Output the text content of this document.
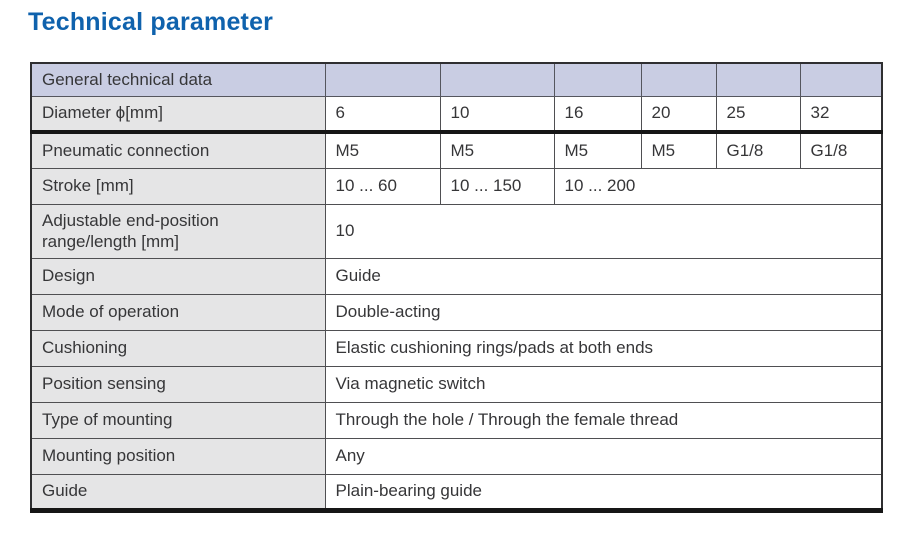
Technical parameter
General technical data						
Diameter ϕ[mm]	6	10	16	20	25	32
Pneumatic connection	M5	M5	M5	M5	G1/8	G1/8
Stroke [mm]	10 ... 60	10 ... 150	10 ... 200			
Adjustable end-position range/length [mm]	10					
Design	Guide					
Mode of operation	Double-acting					
Cushioning	Elastic cushioning rings/pads at both ends					
Position sensing	Via magnetic switch					
Type of mounting	Through the hole / Through the female thread					
Mounting position	Any					
Guide	Plain-bearing guide					
